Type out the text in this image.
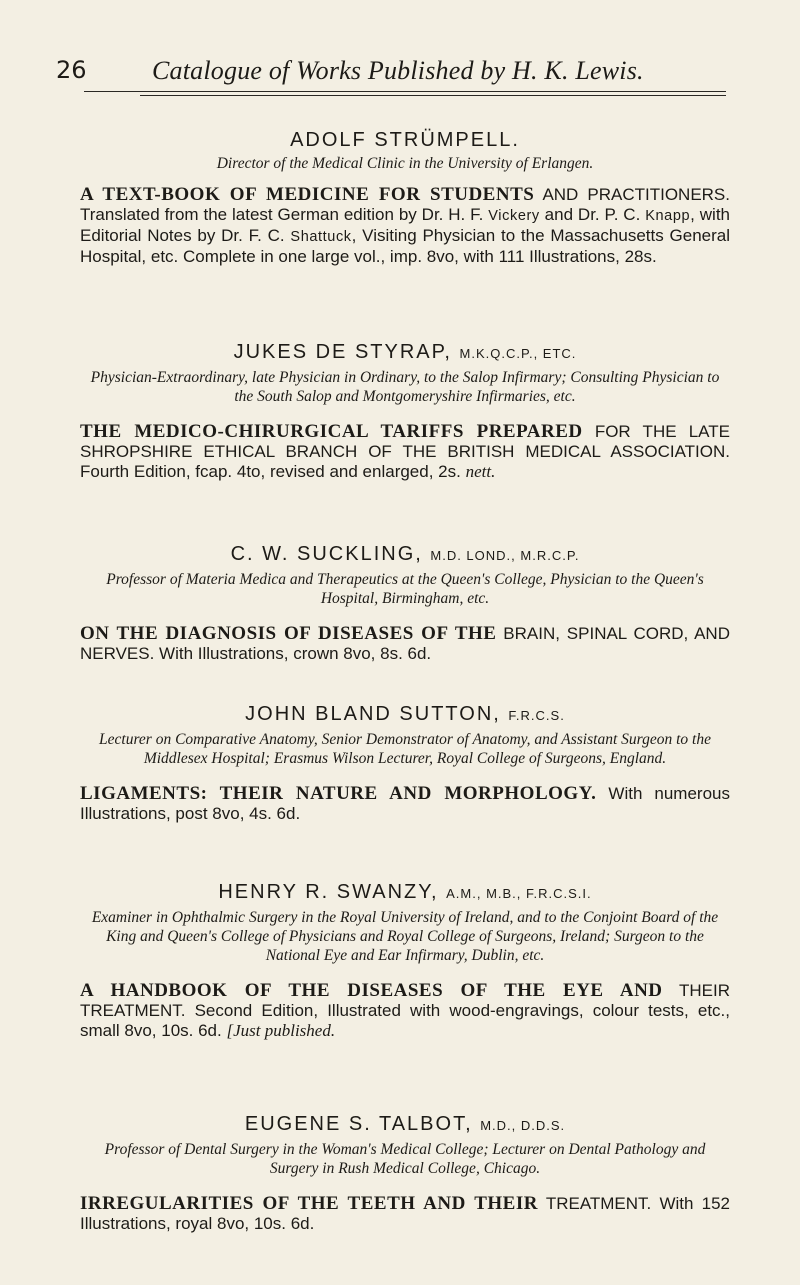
26	Catalogue of Works Published by H. K. Lewis.

ADOLF STRÜMPELL.

Director of the Medical Clinic in the University of Erlangen.

A TEXT-BOOK OF MEDICINE FOR STUDENTS AND PRACTITIONERS. Translated from the latest German edition by Dr. H. F. Vickery and Dr. P. C. Knapp, with Editorial Notes by Dr. F. C. Shattuck, Visiting Physician to the Massachusetts General Hospital, etc. Complete in one large vol., imp. 8vo, with 111 Illustrations, 28s.

JUKES DE STYRAP, M.K.Q.C.P., ETC.

Physician-Extraordinary, late Physician in Ordinary, to the Salop Infirmary; Consulting Physician to the South Salop and Montgomeryshire Infirmaries, etc.

THE MEDICO-CHIRURGICAL TARIFFS PREPARED FOR THE LATE SHROPSHIRE ETHICAL BRANCH OF THE BRITISH MEDICAL ASSOCIATION. Fourth Edition, fcap. 4to, revised and enlarged, 2s. nett.

C. W. SUCKLING, M.D. LOND., M.R.C.P.

Professor of Materia Medica and Therapeutics at the Queen's College, Physician to the Queen's Hospital, Birmingham, etc.

ON THE DIAGNOSIS OF DISEASES OF THE BRAIN, SPINAL CORD, AND NERVES. With Illustrations, crown 8vo, 8s. 6d.

JOHN BLAND SUTTON, F.R.C.S.

Lecturer on Comparative Anatomy, Senior Demonstrator of Anatomy, and Assistant Surgeon to the Middlesex Hospital; Erasmus Wilson Lecturer, Royal College of Surgeons, England.

LIGAMENTS: THEIR NATURE AND MORPHOLOGY. With numerous Illustrations, post 8vo, 4s. 6d.

HENRY R. SWANZY, A.M., M.B., F.R.C.S.I.

Examiner in Ophthalmic Surgery in the Royal University of Ireland, and to the Conjoint Board of the King and Queen's College of Physicians and Royal College of Surgeons, Ireland; Surgeon to the National Eye and Ear Infirmary, Dublin, etc.

A HANDBOOK OF THE DISEASES OF THE EYE AND THEIR TREATMENT. Second Edition, Illustrated with wood-engravings, colour tests, etc., small 8vo, 10s. 6d. [Just published.

EUGENE S. TALBOT, M.D., D.D.S.

Professor of Dental Surgery in the Woman's Medical College; Lecturer on Dental Pathology and Surgery in Rush Medical College, Chicago.

IRREGULARITIES OF THE TEETH AND THEIR TREATMENT. With 152 Illustrations, royal 8vo, 10s. 6d.
